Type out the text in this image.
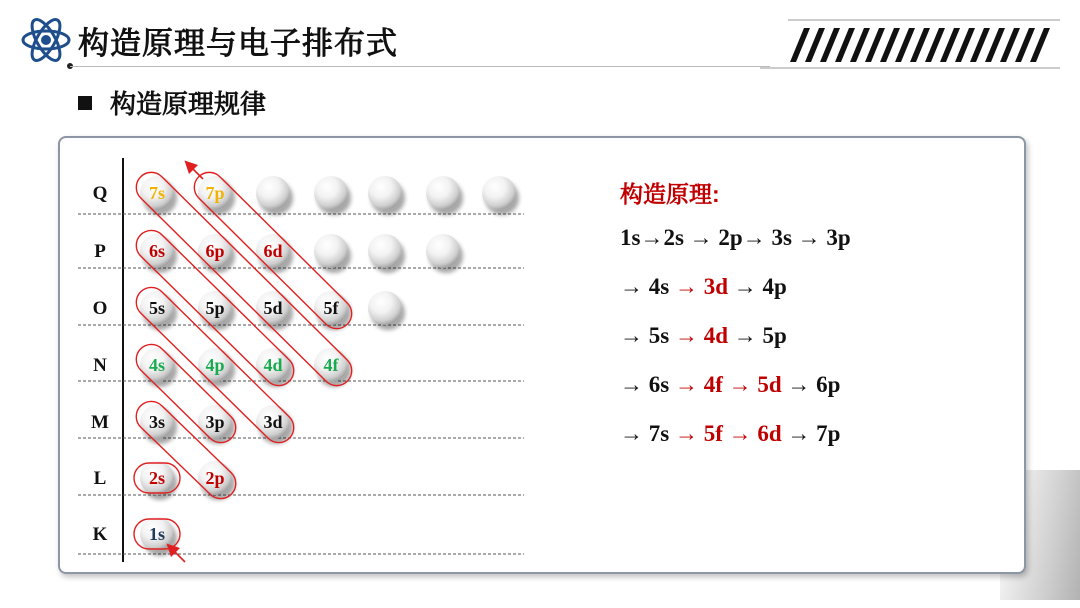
构造原理与电子排布式
构造原理规律
K 1s
L 2s 2p
M 3s 3p 3d
N 4s 4p 4d 4f
O 5s 5p 5d 5f
P 6s 6p 6d
Q 7s 7p	构造原理:
1s→2s → 2p→ 3s → 3p
→ 4s → 3d → 4p
→ 5s → 4d → 5p
→ 6s → 4f → 5d → 6p
→ 7s → 5f → 6d → 7p
